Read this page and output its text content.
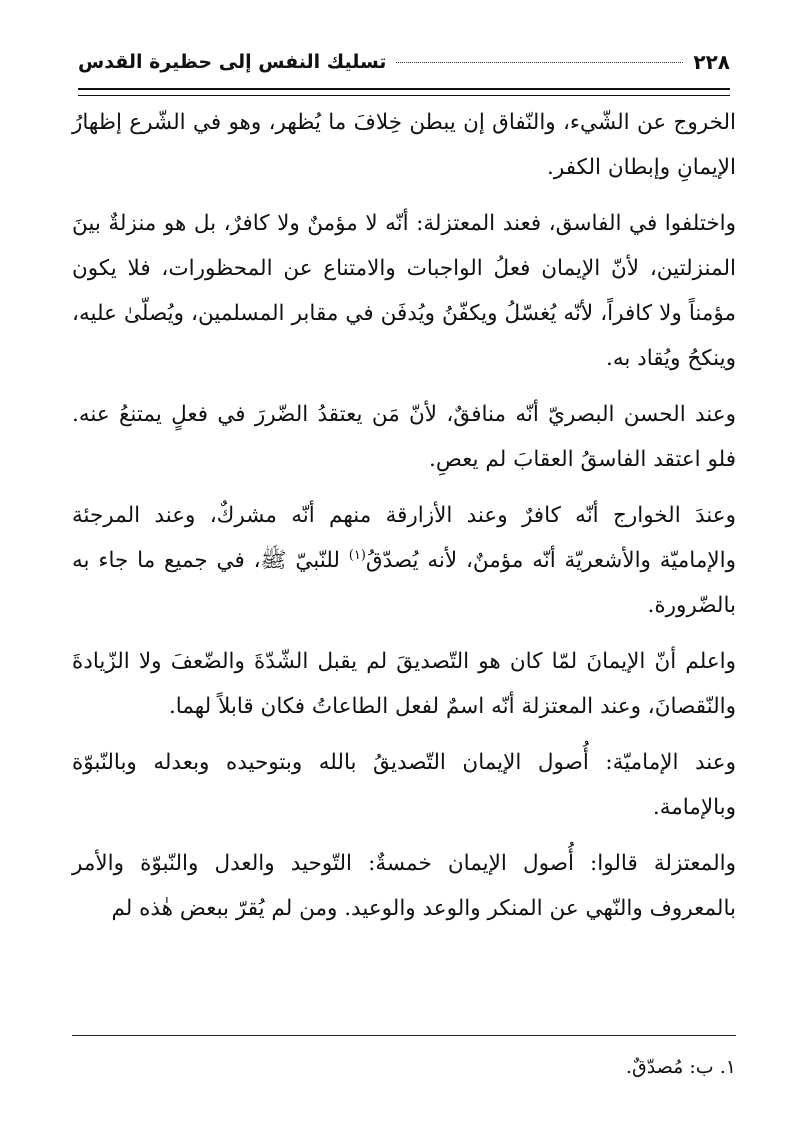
٢٢٨
تسليك النفس إلى حظيرة القدس

الخروج عن الشّيء، والنّفاق إن يبطن خِلافَ ما يُظهر، وهو في الشّرع إظهارُ الإيمانِ وإبطان الكفر.

واختلفوا في الفاسق، فعند المعتزلة: أنّه لا مؤمنٌ ولا كافرٌ، بل هو منزلةٌ بينَ المنزلتين، لأنّ الإيمان فعلُ الواجبات والامتناع عن المحظورات، فلا يكون مؤمناً ولا كافراً، لأنّه يُغسّلُ ويكفّنُ ويُدفَن في مقابر المسلمين، ويُصلّىٰ عليه، وينكحُ ويُقاد به.

وعند الحسن البصريّ أنّه منافقٌ، لأنّ مَن يعتقدُ الضّررَ في فعلٍ يمتنعُ عنه. فلو اعتقد الفاسقُ العقابَ لم يعصِ.

وعندَ الخوارج أنّه كافرٌ وعند الأزارقة منهم أنّه مشركٌ، وعند المرجئة والإماميّة والأشعريّة أنّه مؤمنٌ، لأنه يُصدّقُ$^{(١)}$ للنّبيّ ﷺ، في جميع ما جاء به بالضّرورة.

واعلم أنّ الإيمانَ لمّا كان هو التّصديقَ لم يقبل الشّدّةَ والضّعفَ ولا الزّيادةَ والنّقصانَ، وعند المعتزلة أنّه اسمٌ لفعل الطاعاتُ فكان قابلاً لهما.

وعند الإماميّة: أُصول الإيمان التّصديقُ بالله وبتوحيده وبعدله وبالنّبوّة وبالإمامة.

والمعتزلة قالوا: أُصول الإيمان خمسةٌ: التّوحيد والعدل والنّبوّة والأمر بالمعروف والنّهي عن المنكر والوعد والوعيد. ومن لم يُقرّ ببعض هٰذه لم

١. ب: مُصدّقٌ.
